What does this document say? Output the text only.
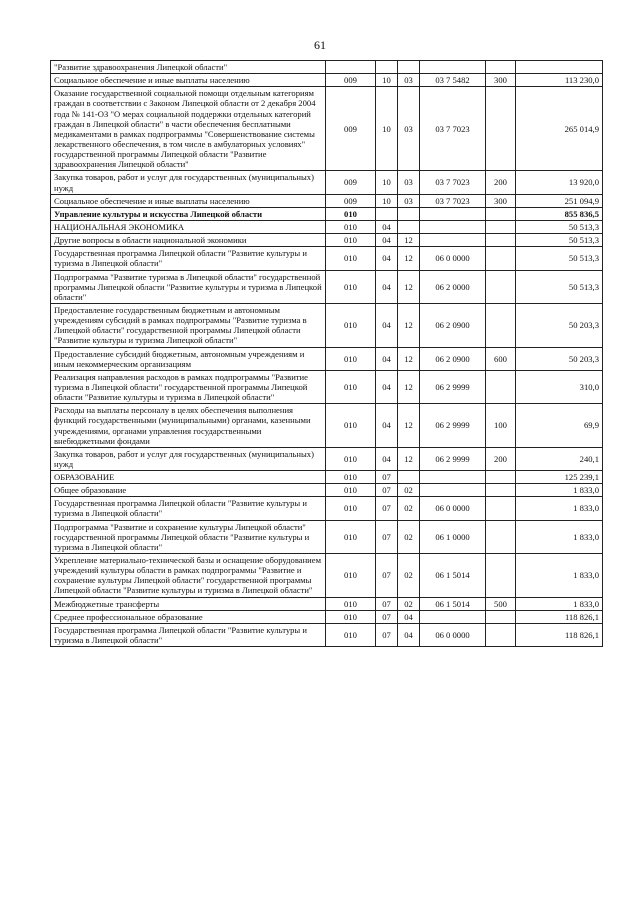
61
"Развитие здравоохранения Липецкой области"						
Социальное обеспечение и иные выплаты населению	009	10	03	03 7 5482	300	113 230,0
Оказание государственной социальной помощи отдельным категориям граждан в соответствии с Законом Липецкой области от 2 декабря 2004 года № 141-ОЗ "О мерах социальной поддержки отдельных категорий граждан в Липецкой области" в части обеспечения бесплатными медикаментами в рамках подпрограммы "Совершенствование системы лекарственного обеспечения, в том числе в амбулаторных условиях" государственной программы Липецкой области "Развитие здравоохранения Липецкой области"	009	10	03	03 7 7023		265 014,9
Закупка товаров, работ и услуг для государственных (муниципальных) нужд	009	10	03	03 7 7023	200	13 920,0
Социальное обеспечение и иные выплаты населению	009	10	03	03 7 7023	300	251 094,9
Управление культуры и искусства Липецкой области	010					855 836,5
НАЦИОНАЛЬНАЯ ЭКОНОМИКА	010	04				50 513,3
Другие вопросы в области национальной экономики	010	04	12			50 513,3
Государственная программа Липецкой области "Развитие культуры и туризма в Липецкой области"	010	04	12	06 0 0000		50 513,3
Подпрограмма "Развитие туризма в Липецкой области" государственной программы Липецкой области "Развитие культуры и туризма в Липецкой области"	010	04	12	06 2 0000		50 513,3
Предоставление государственным бюджетным и автономным учреждениям субсидий в рамках подпрограммы "Развитие туризма в Липецкой области" государственной программы Липецкой области "Развитие культуры и туризма Липецкой области"	010	04	12	06 2 0900		50 203,3
Предоставление субсидий бюджетным, автономным учреждениям и иным некоммерческим организациям	010	04	12	06 2 0900	600	50 203,3
Реализация направления расходов в рамках подпрограммы "Развитие туризма в Липецкой области" государственной программы Липецкой области "Развитие культуры и туризма в Липецкой области"	010	04	12	06 2 9999		310,0
Расходы на выплаты персоналу в целях обеспечения выполнения функций государственными (муниципальными) органами, казенными учреждениями, органами управления государственными внебюджетными фондами	010	04	12	06 2 9999	100	69,9
Закупка товаров, работ и услуг для государственных (муниципальных) нужд	010	04	12	06 2 9999	200	240,1
ОБРАЗОВАНИЕ	010	07				125 239,1
Общее образование	010	07	02			1 833,0
Государственная программа Липецкой области "Развитие культуры и туризма в Липецкой области"	010	07	02	06 0 0000		1 833,0
Подпрограмма "Развитие и сохранение культуры Липецкой области" государственной программы Липецкой области "Развитие культуры и туризма в Липецкой области"	010	07	02	06 1 0000		1 833,0
Укрепление материально-технической базы и оснащение оборудованием учреждений культуры области в рамках подпрограммы "Развитие и сохранение культуры Липецкой области" государственной программы Липецкой области "Развитие культуры и туризма в Липецкой области"	010	07	02	06 1 5014		1 833,0
Межбюджетные трансферты	010	07	02	06 1 5014	500	1 833,0
Среднее профессиональное образование	010	07	04			118 826,1
Государственная программа Липецкой области "Развитие культуры и туризма в Липецкой области"	010	07	04	06 0 0000		118 826,1
